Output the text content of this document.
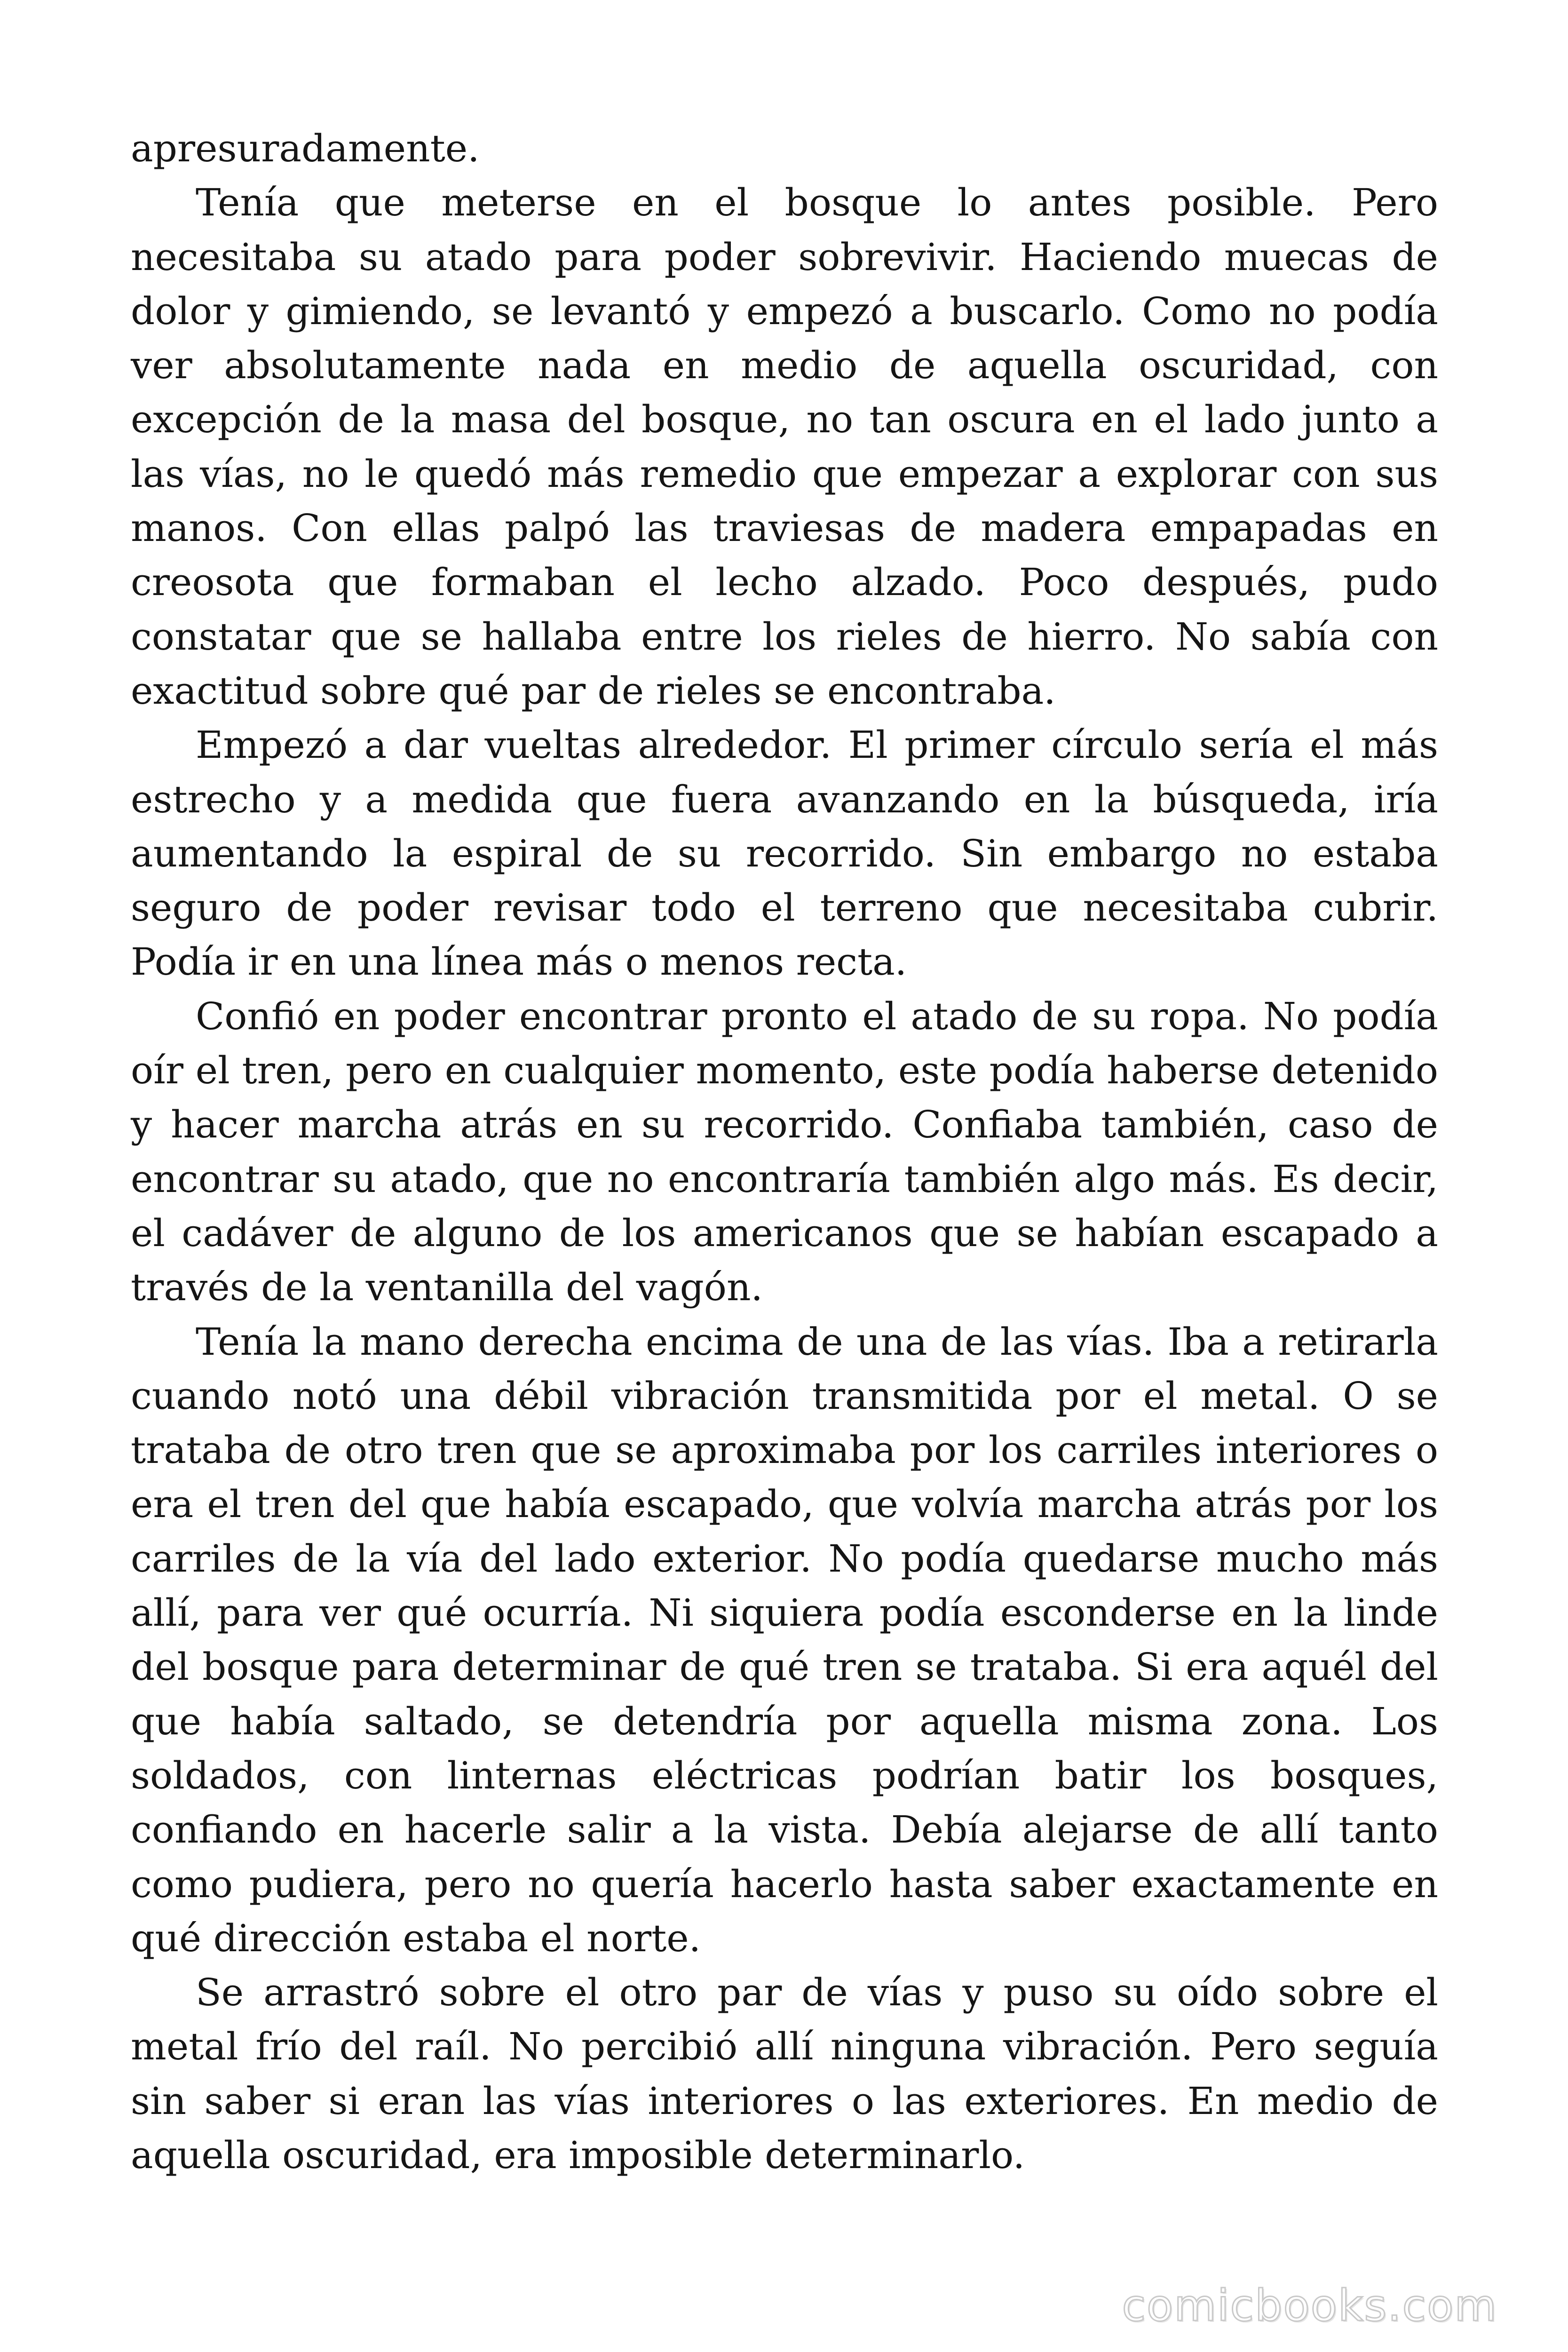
apresuradamente.

Tenía que meterse en el bosque lo antes posible. Pero necesitaba su atado para poder sobrevivir. Haciendo muecas de dolor y gimiendo, se levantó y empezó a buscarlo. Como no podía ver absolutamente nada en medio de aquella oscuridad, con excepción de la masa del bosque, no tan oscura en el lado junto a las vías, no le quedó más remedio que empezar a explorar con sus manos. Con ellas palpó las traviesas de madera empapadas en creosota que formaban el lecho alzado. Poco después, pudo constatar que se hallaba entre los rieles de hierro. No sabía con exactitud sobre qué par de rieles se encontraba.

Empezó a dar vueltas alrededor. El primer círculo sería el más estrecho y a medida que fuera avanzando en la búsqueda, iría aumentando la espiral de su recorrido. Sin embargo no estaba seguro de poder revisar todo el terreno que necesitaba cubrir. Podía ir en una línea más o menos recta.

Confió en poder encontrar pronto el atado de su ropa. No podía oír el tren, pero en cualquier momento, este podía haberse detenido y hacer marcha atrás en su recorrido. Confiaba también, caso de encontrar su atado, que no encontraría también algo más. Es decir, el cadáver de alguno de los americanos que se habían escapado a través de la ventanilla del vagón.

Tenía la mano derecha encima de una de las vías. Iba a retirarla cuando notó una débil vibración transmitida por el metal. O se trataba de otro tren que se aproximaba por los carriles interiores o era el tren del que había escapado, que volvía marcha atrás por los carriles de la vía del lado exterior. No podía quedarse mucho más allí, para ver qué ocurría. Ni siquiera podía esconderse en la linde del bosque para determinar de qué tren se trataba. Si era aquél del que había saltado, se detendría por aquella misma zona. Los soldados, con linternas eléctricas podrían batir los bosques, confiando en hacerle salir a la vista. Debía alejarse de allí tanto como pudiera, pero no quería hacerlo hasta saber exactamente en qué dirección estaba el norte.

Se arrastró sobre el otro par de vías y puso su oído sobre el metal frío del raíl. No percibió allí ninguna vibración. Pero seguía sin saber si eran las vías interiores o las exteriores. En medio de aquella oscuridad, era imposible determinarlo.

comicbooks.com
